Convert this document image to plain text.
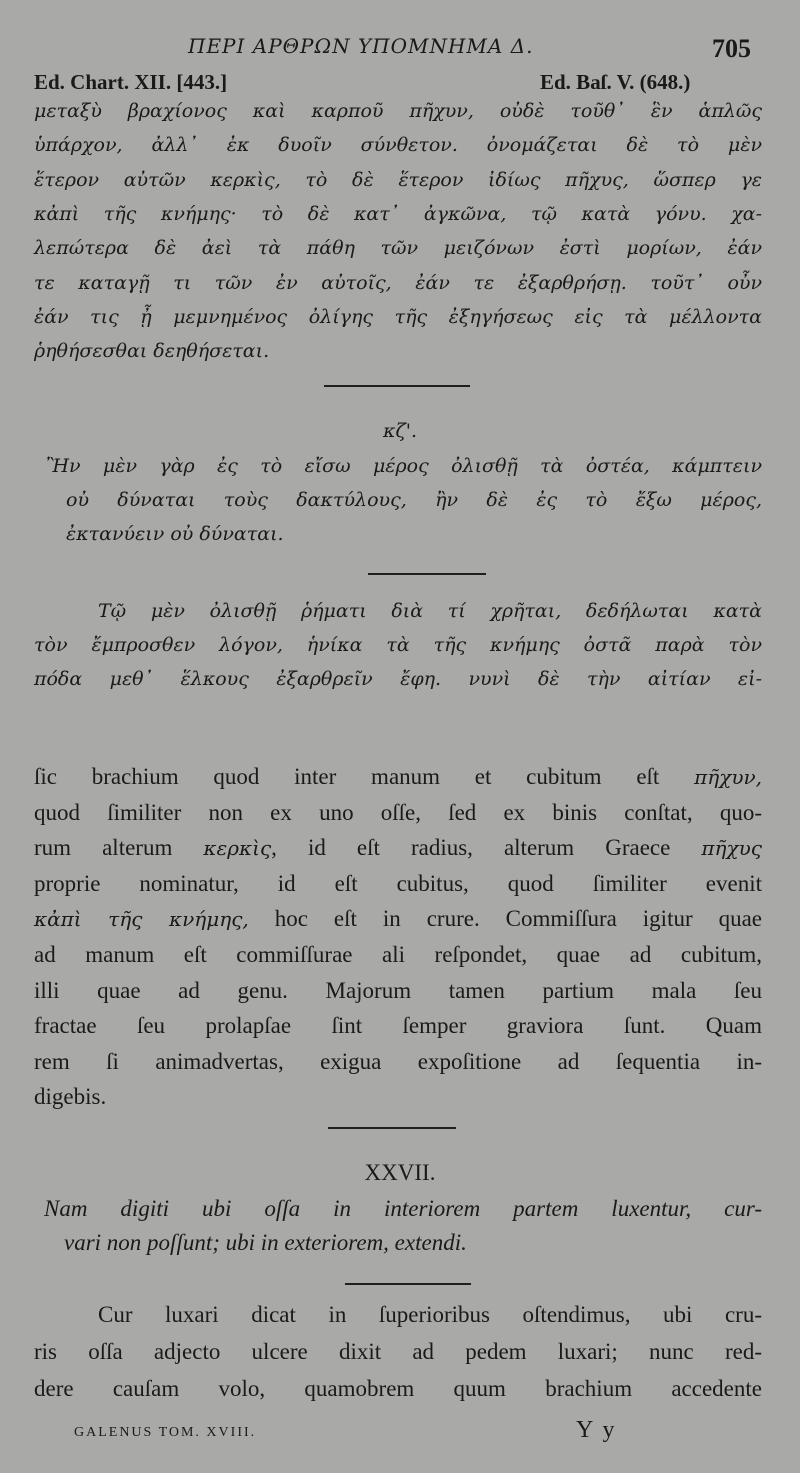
ΠΕΡΙ ΑΡΘΡΩΝ ΥΠΟΜΝΗΜΑ Δ.	705
Ed. Chart. XII. [443.]	Ed. Baſ. V. (648.)
μεταξὺ βραχίονος καὶ καρποῦ πῆχυν, οὐδὲ τοῦθ᾽ ἓν ἁπλῶς
ὑπάρχον, ἀλλ᾽ ἐκ δυοῖν σύνθετον. ὀνομάζεται δὲ τὸ μὲν
ἕτερον αὐτῶν κερκὶς, τὸ δὲ ἕτερον ἰδίως πῆχυς, ὥσπερ γε
κἀπὶ τῆς κνήμης· τὸ δὲ κατ᾽ ἀγκῶνα, τῷ κατὰ γόνυ. χα-
λεπώτερα δὲ ἀεὶ τὰ πάθη τῶν μειζόνων ἐστὶ μορίων, ἐάν
τε καταγῇ τι τῶν ἐν αὐτοῖς, ἐάν τε ἐξαρθρήσῃ. τοῦτ᾽ οὖν
ἐάν τις ᾖ μεμνημένος ὀλίγης τῆς ἐξηγήσεως εἰς τὰ μέλλοντα
ῥηθήσεσθαι δεηθήσεται.
κζ'.
Ἢν μὲν γὰρ ἐς τὸ εἴσω μέρος ὀλισθῇ τὰ ὀστέα, κάμπτειν
οὐ δύναται τοὺς δακτύλους, ἢν δὲ ἐς τὸ ἔξω μέρος,
ἐκτανύειν οὐ δύναται.
Τῷ μὲν ὀλισθῇ ῥήματι διὰ τί χρῆται, δεδήλωται κατὰ
τὸν ἔμπροσθεν λόγον, ἡνίκα τὰ τῆς κνήμης ὀστᾶ παρὰ τὸν
πόδα μεθ᾽ ἕλκους ἐξαρθρεῖν ἔφη. νυνὶ δὲ τὴν αἰτίαν εἰ-
ſic brachium quod inter manum et cubitum eſt πῆχυν,
quod ſimiliter non ex uno oſſe, ſed ex binis conſtat, quo-
rum alterum κερκὶς, id eſt radius, alterum Graece πῆχυς
proprie nominatur, id eſt cubitus, quod ſimiliter evenit
κἀπὶ τῆς κνήμης, hoc eſt in crure. Commiſſura igitur quae
ad manum eſt commiſſurae ali reſpondet, quae ad cubitum,
illi quae ad genu. Majorum tamen partium mala ſeu
fractae ſeu prolapſae ſint ſemper graviora ſunt. Quam
rem ſi animadvertas, exigua expoſitione ad ſequentia in-
digebis.
XXVII.
Nam digiti ubi oſſa in interiorem partem luxentur, cur-
vari non poſſunt; ubi in exteriorem, extendi.
Cur luxari dicat in ſuperioribus oſtendimus, ubi cru-
ris oſſa adjecto ulcere dixit ad pedem luxari; nunc red-
dere cauſam volo, quamobrem quum brachium accedente
GALENUS TOM. XVIII.	Y y
